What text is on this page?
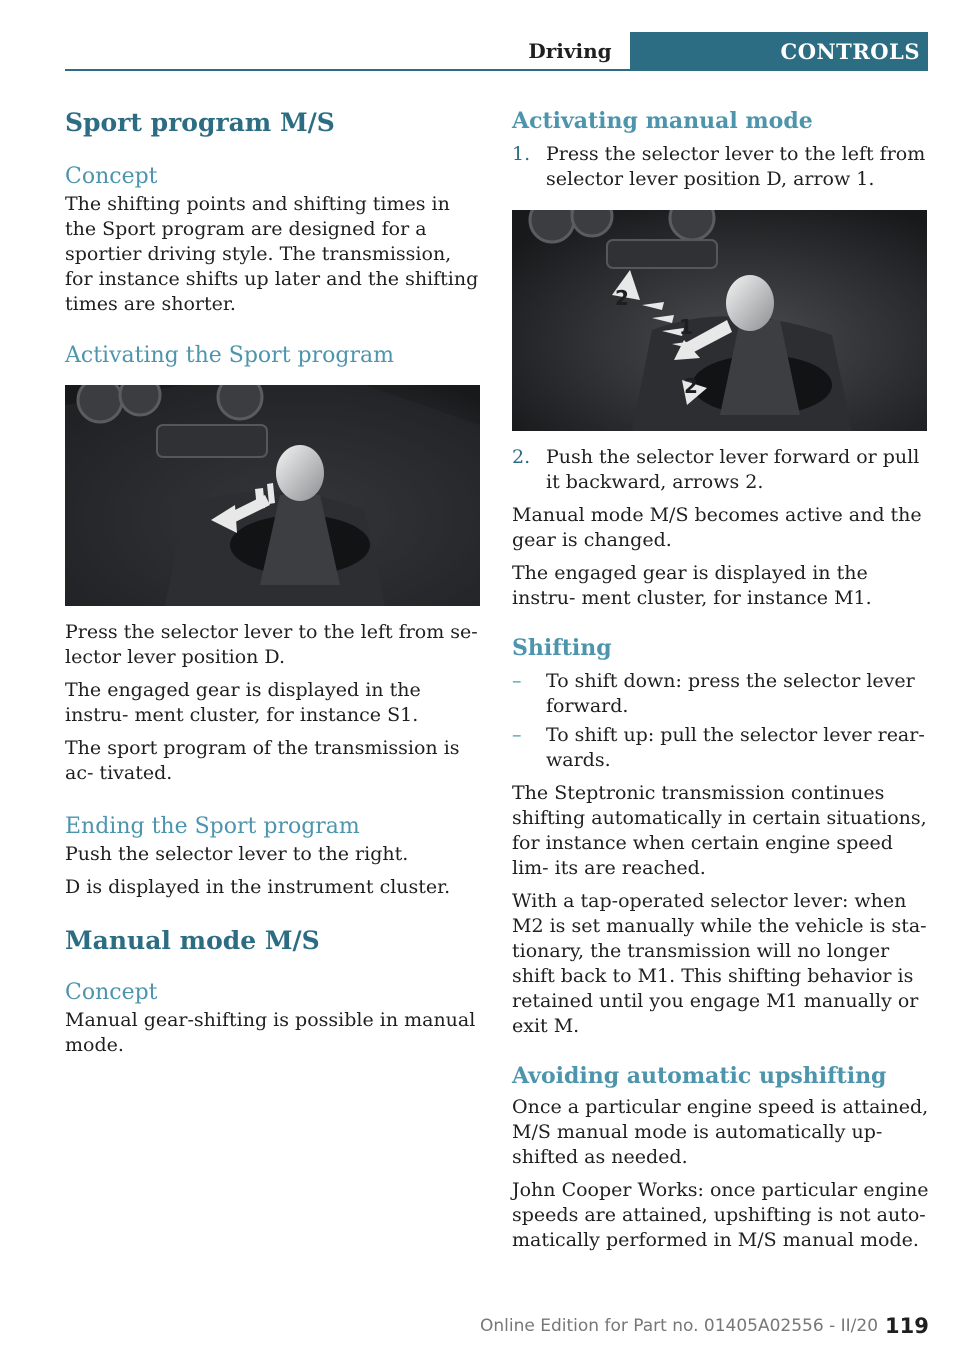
Driving	CONTROLS
Sport program M/S
Concept

The shifting points and shifting times in the Sport program are designed for a sportier driving style. The transmission, for instance shifts up later and the shifting times are shorter.

Activating the Sport program

Press the selector lever to the left from se‐ lector lever position D.

The engaged gear is displayed in the instru‐ ment cluster, for instance S1.

The sport program of the transmission is ac‐ tivated.

Ending the Sport program

Push the selector lever to the right.

D is displayed in the instrument cluster.

Manual mode M/S
Concept

Manual gear-shifting is possible in manual mode.

Activating manual mode
1. Press the selector lever to the left from selector lever position D, arrow 1.
2
1
2
2. Push the selector lever forward or pull it backward, arrows 2.

Manual mode M/S becomes active and the gear is changed.

The engaged gear is displayed in the instru‐ ment cluster, for instance M1.

Shifting
–	To shift down: press the selector lever forward.
–	To shift up: pull the selector lever rear‐ wards.

The Steptronic transmission continues shifting automatically in certain situations, for instance when certain engine speed lim‐ its are reached.

With a tap-operated selector lever: when M2 is set manually while the vehicle is sta‐ tionary, the transmission will no longer shift back to M1. This shifting behavior is retained until you engage M1 manually or exit M.

Avoiding automatic upshifting

Once a particular engine speed is attained, M/S manual mode is automatically up‐ shifted as needed.

John Cooper Works: once particular engine speeds are attained, upshifting is not auto‐ matically performed in M/S manual mode.

Online Edition for Part no. 01405A02556 - II/20 119
